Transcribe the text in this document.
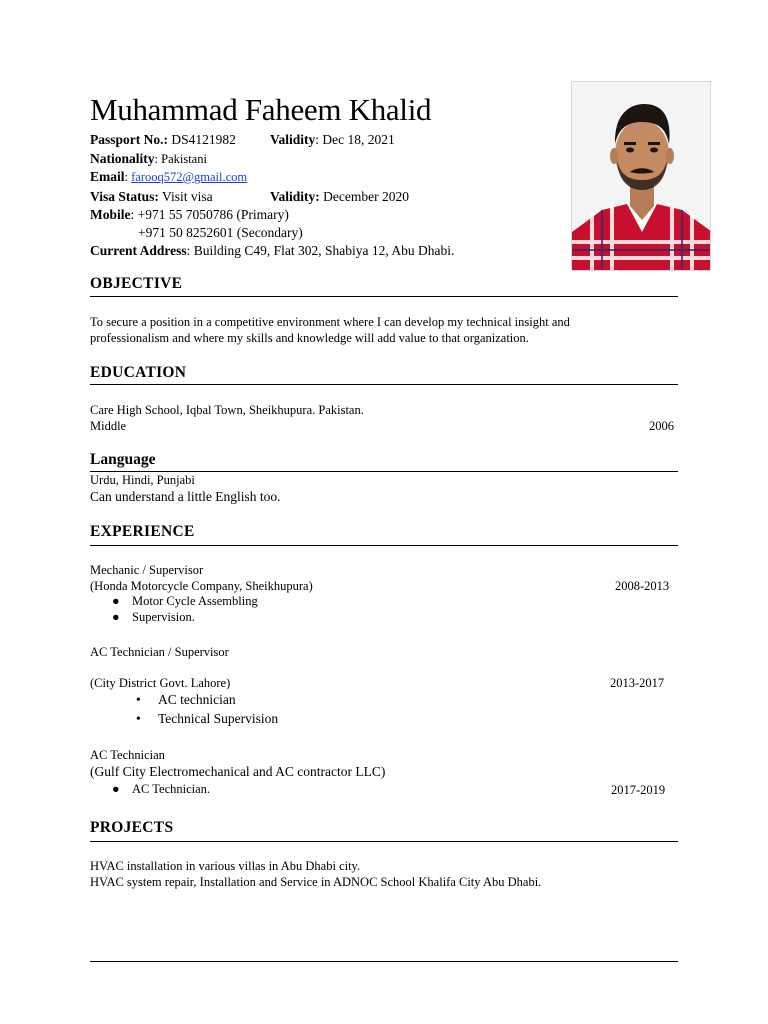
Muhammad Faheem Khalid
Passport No.: DS4121982	Validity: Dec 18, 2021
Nationality: Pakistani
Email: farooq572@gmail.com
Visa Status: Visit visa	Validity: December 2020
Mobile: +971 55 7050786 (Primary)
+971 50 8252601 (Secondary)
Current Address: Building C49, Flat 302, Shabiya 12, Abu Dhabi.
OBJECTIVE
To secure a position in a competitive environment where I can develop my technical insight and
professionalism and where my skills and knowledge will add value to that organization.
EDUCATION
Care High School, Iqbal Town, Sheikhupura. Pakistan.
Middle	2006
Language
Urdu, Hindi, Punjabi
Can understand a little English too.
EXPERIENCE
Mechanic / Supervisor
(Honda Motorcycle Company, Sheikhupura)	2008-2013
● Motor Cycle Assembling
● Supervision.
AC Technician / Supervisor
(City District Govt. Lahore)	2013-2017
• AC technician
• Technical Supervision
AC Technician
(Gulf City Electromechanical and AC contractor LLC)
2017-2019
● AC Technician.
PROJECTS
HVAC installation in various villas in Abu Dhabi city.
HVAC system repair, Installation and Service in ADNOC School Khalifa City Abu Dhabi.
